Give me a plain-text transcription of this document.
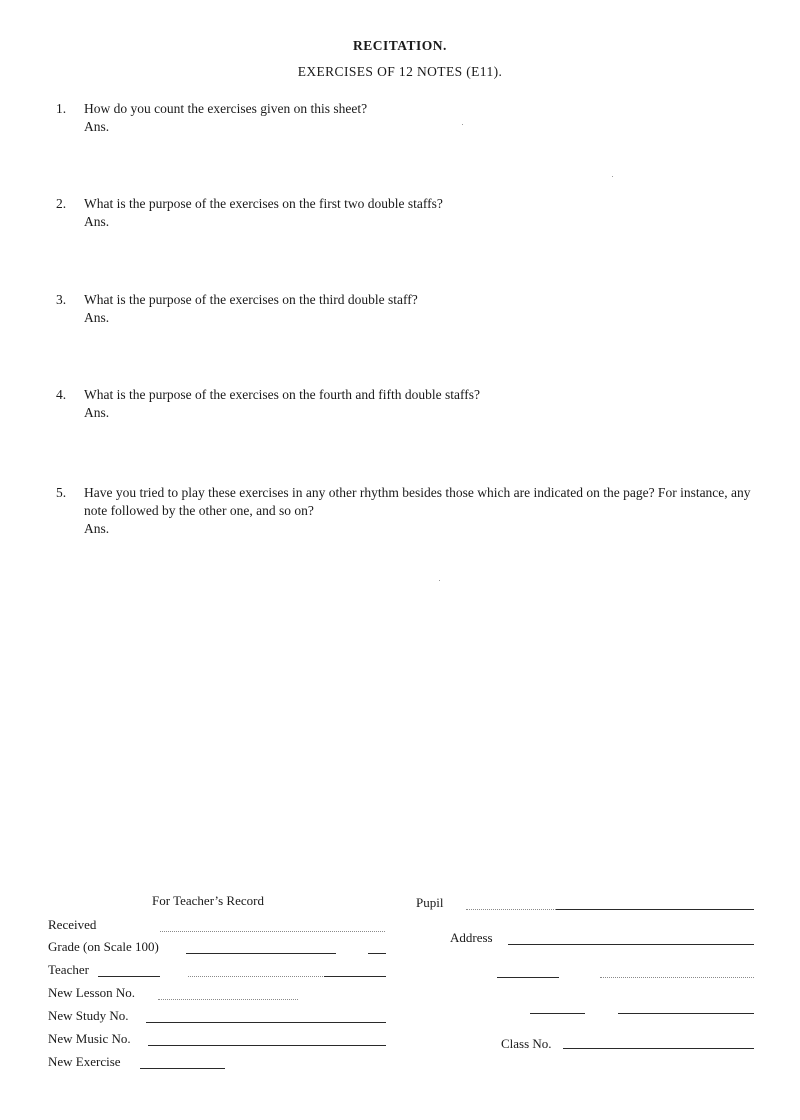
RECITATION.
EXERCISES OF 12 NOTES (E11).
1. How do you count the exercises given on this sheet?
Ans.
2. What is the purpose of the exercises on the first two double staffs?
Ans.
3. What is the purpose of the exercises on the third double staff?
Ans.
4. What is the purpose of the exercises on the fourth and fifth double staffs?
Ans.
5. Have you tried to play these exercises in any other rhythm besides those which are indicated on the page? For instance, any note followed by the other one, and so on?
Ans.
For Teacher’s Record
Received
Grade (on Scale 100)
Teacher
New Lesson No.
New Study No.
New Music No.
New Exercise
Pupil
Address
Class No.
